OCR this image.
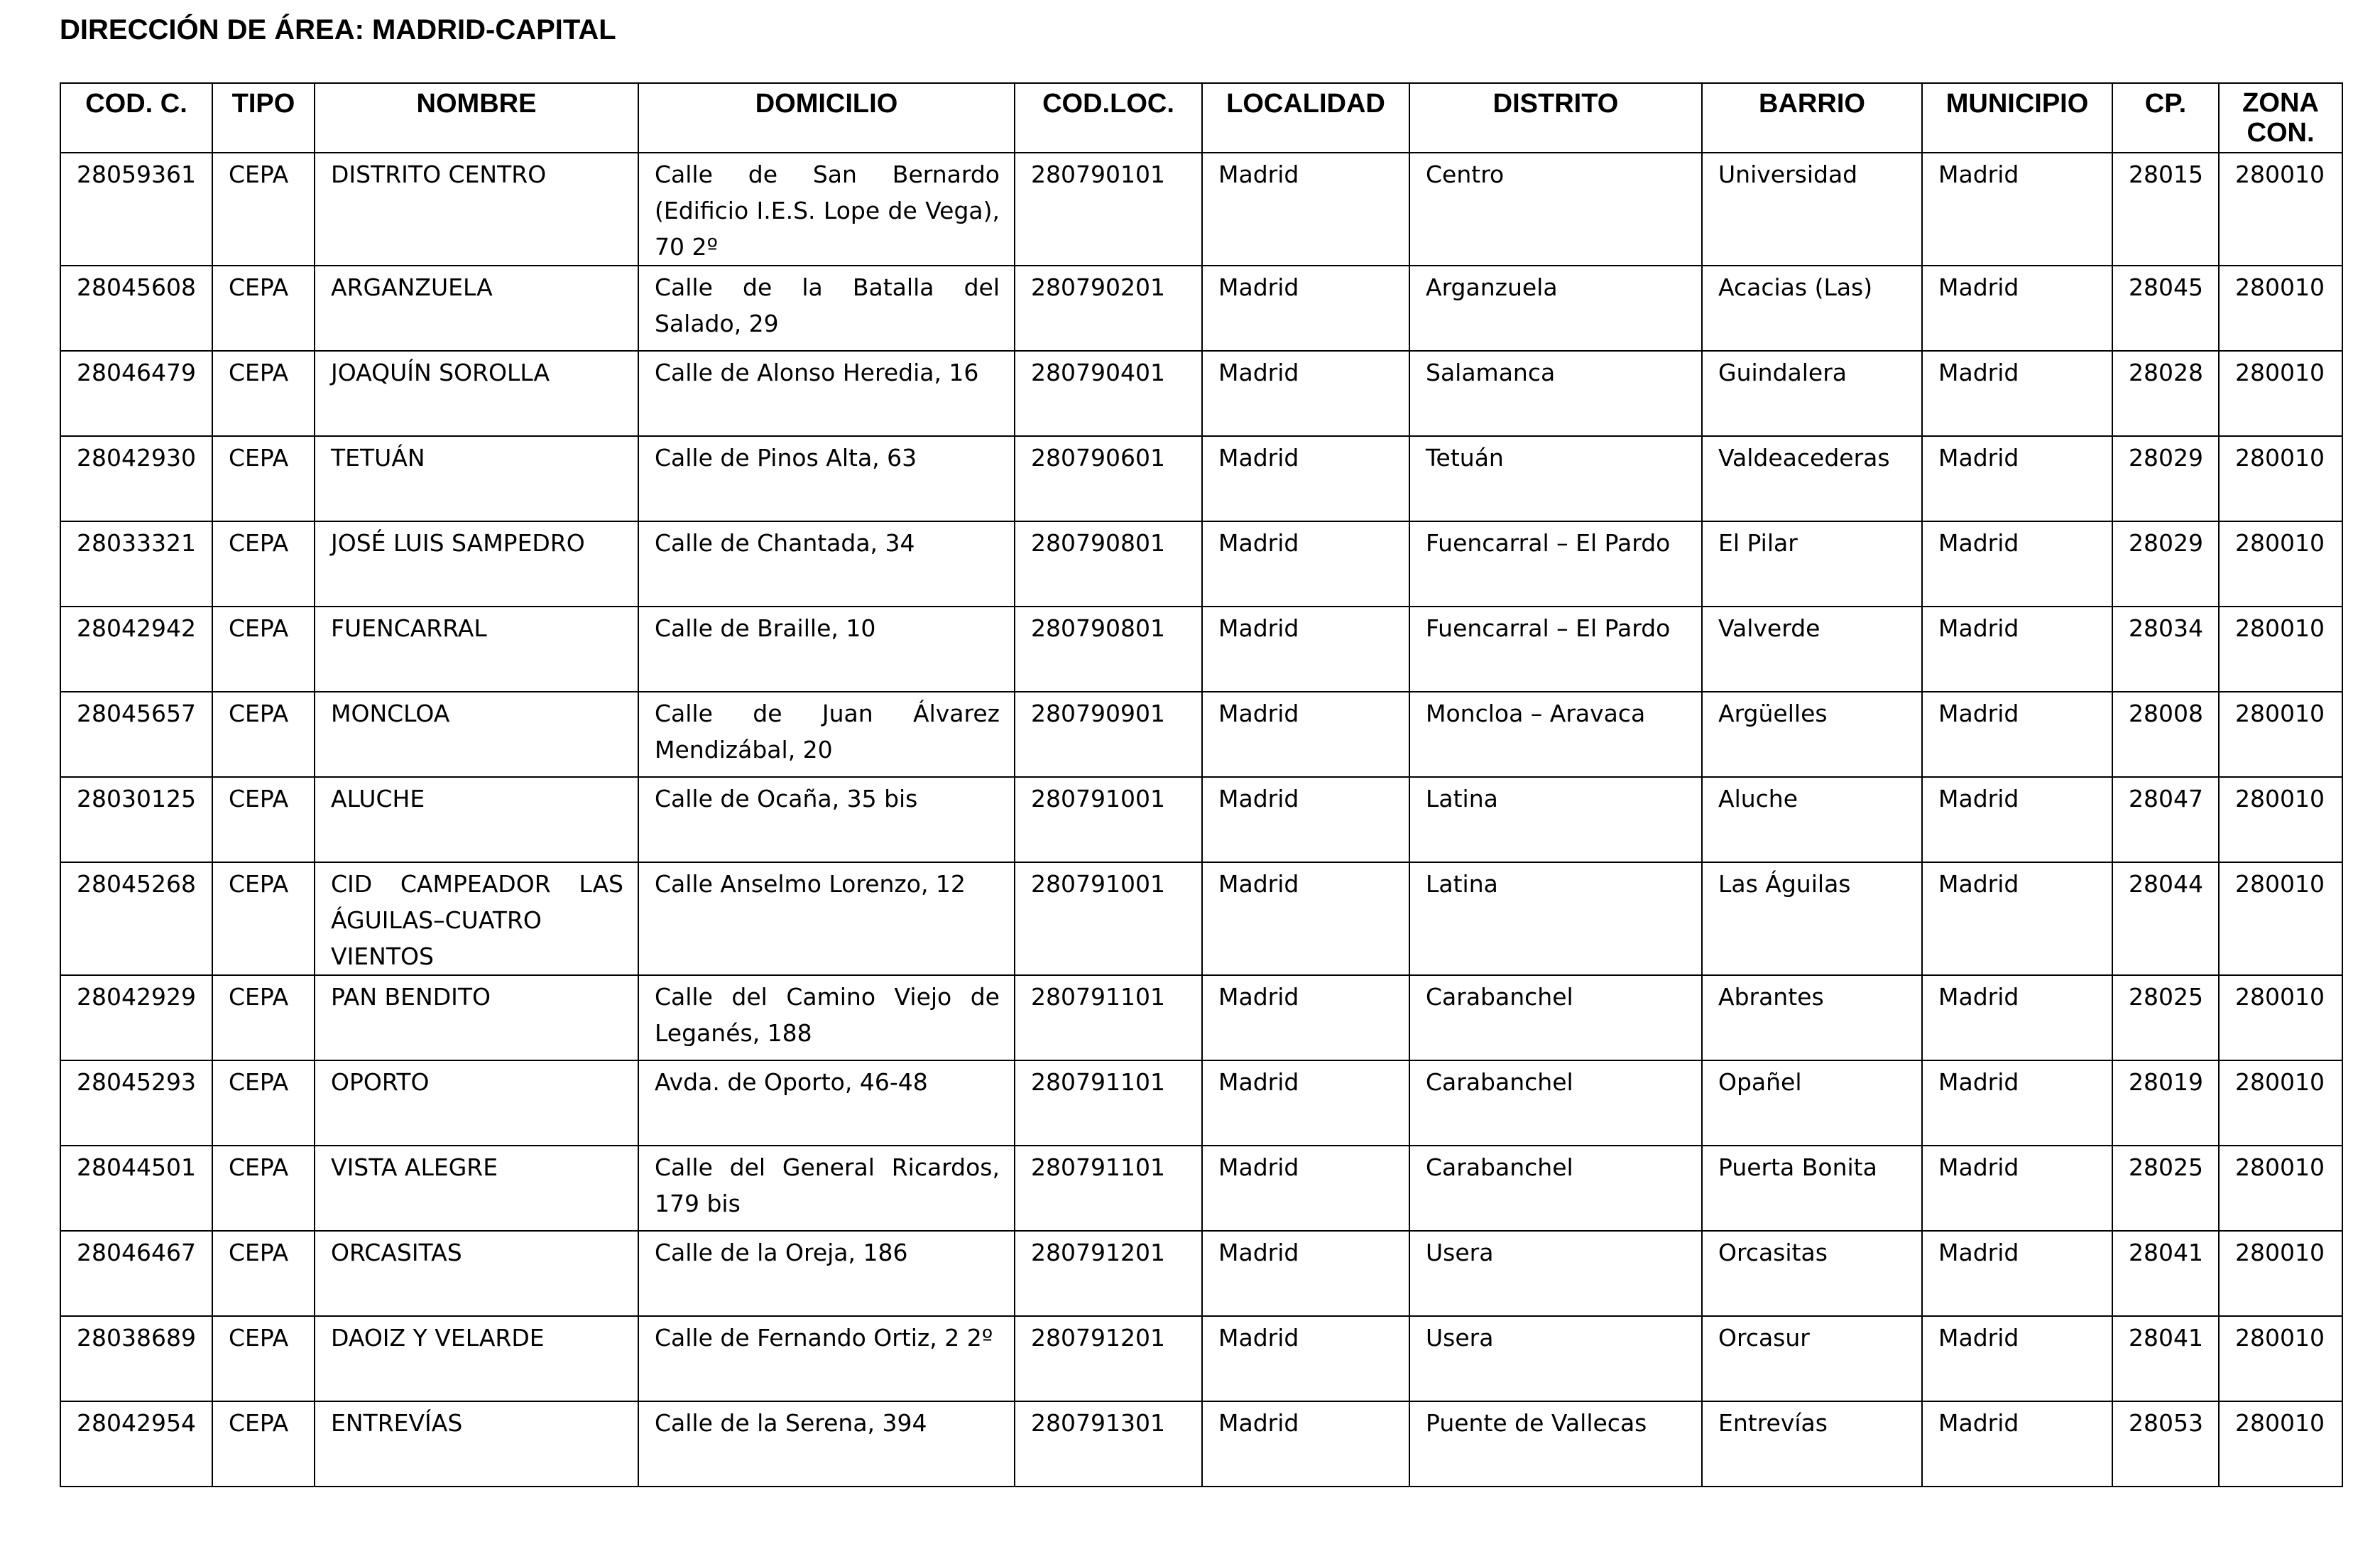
DIRECCIÓN DE ÁREA: MADRID-CAPITAL
COD. C.	TIPO	NOMBRE	DOMICILIO	COD.LOC.	LOCALIDAD	DISTRITO	BARRIO	MUNICIPIO	CP.	ZONA
CON.
28059361	CEPA	DISTRITO CENTRO	Calle de San Bernardo (Edificio I.E.S. Lope de Vega), 70 2º	280790101	Madrid	Centro	Universidad	Madrid	28015	280010
28045608	CEPA	ARGANZUELA	Calle de la Batalla del Salado, 29	280790201	Madrid	Arganzuela	Acacias (Las)	Madrid	28045	280010
28046479	CEPA	JOAQUÍN SOROLLA	Calle de Alonso Heredia, 16	280790401	Madrid	Salamanca	Guindalera	Madrid	28028	280010
28042930	CEPA	TETUÁN	Calle de Pinos Alta, 63	280790601	Madrid	Tetuán	Valdeacederas	Madrid	28029	280010
28033321	CEPA	JOSÉ LUIS SAMPEDRO	Calle de Chantada, 34	280790801	Madrid	Fuencarral – El Pardo	El Pilar	Madrid	28029	280010
28042942	CEPA	FUENCARRAL	Calle de Braille, 10	280790801	Madrid	Fuencarral – El Pardo	Valverde	Madrid	28034	280010
28045657	CEPA	MONCLOA	Calle de Juan Álvarez Mendizábal, 20	280790901	Madrid	Moncloa – Aravaca	Argüelles	Madrid	28008	280010
28030125	CEPA	ALUCHE	Calle de Ocaña, 35 bis	280791001	Madrid	Latina	Aluche	Madrid	28047	280010
28045268	CEPA	CID CAMPEADOR LAS ÁGUILAS–CUATRO VIENTOS	Calle Anselmo Lorenzo, 12	280791001	Madrid	Latina	Las Águilas	Madrid	28044	280010
28042929	CEPA	PAN BENDITO	Calle del Camino Viejo de Leganés, 188	280791101	Madrid	Carabanchel	Abrantes	Madrid	28025	280010
28045293	CEPA	OPORTO	Avda. de Oporto, 46-48	280791101	Madrid	Carabanchel	Opañel	Madrid	28019	280010
28044501	CEPA	VISTA ALEGRE	Calle del General Ricardos, 179 bis	280791101	Madrid	Carabanchel	Puerta Bonita	Madrid	28025	280010
28046467	CEPA	ORCASITAS	Calle de la Oreja, 186	280791201	Madrid	Usera	Orcasitas	Madrid	28041	280010
28038689	CEPA	DAOIZ Y VELARDE	Calle de Fernando Ortiz, 2 2º	280791201	Madrid	Usera	Orcasur	Madrid	28041	280010
28042954	CEPA	ENTREVÍAS	Calle de la Serena, 394	280791301	Madrid	Puente de Vallecas	Entrevías	Madrid	28053	280010
